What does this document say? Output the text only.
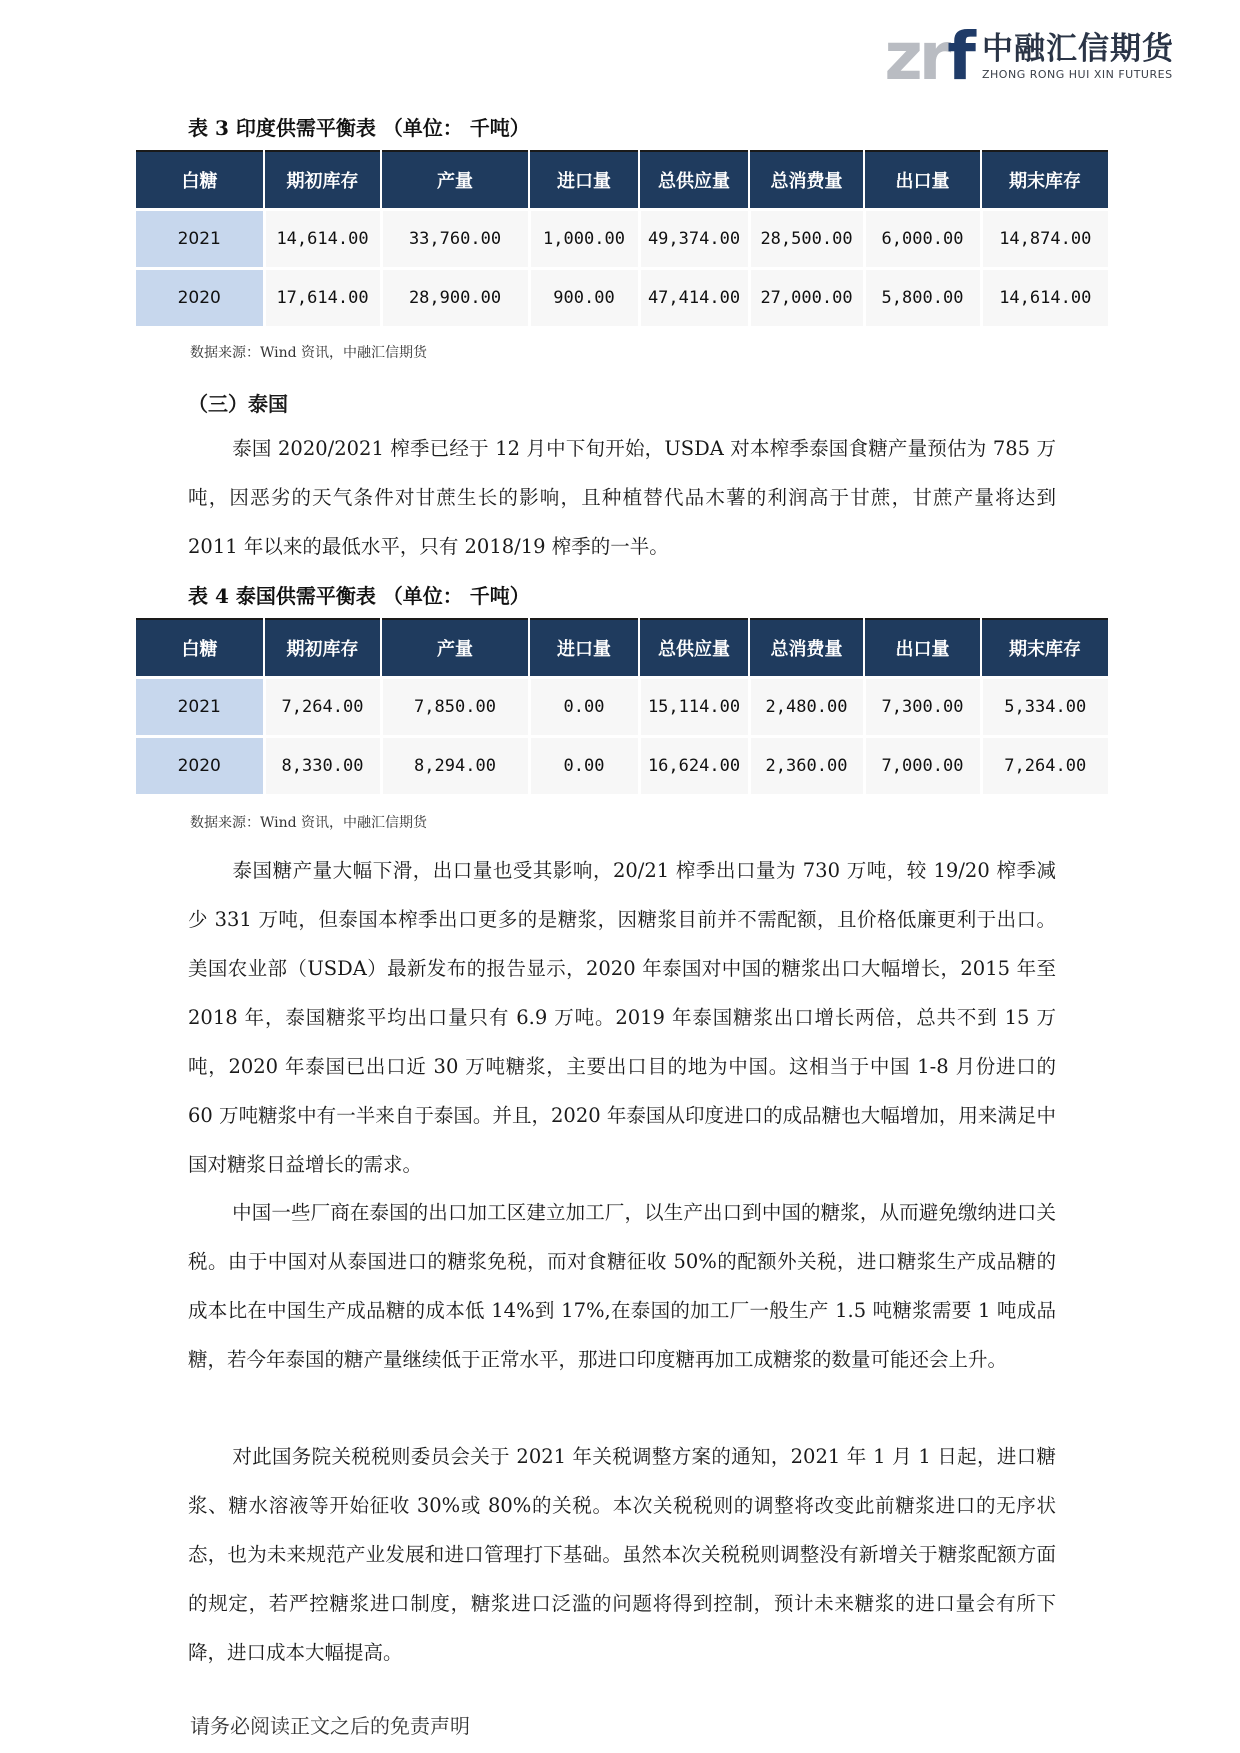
zrf 中融汇信期货
ZHONG RONG HUI XIN FUTURES
表 3 印度供需平衡表 （单位： 千吨）
白糖	期初库存	产量	进口量	总供应量	总消费量	出口量	期末库存
2021	14,614.00	33,760.00	1,000.00	49,374.00	28,500.00	6,000.00	14,874.00
2020	17,614.00	28,900.00	900.00	47,414.00	27,000.00	5,800.00	14,614.00
数据来源：Wind 资讯，中融汇信期货
（三）泰国

泰国 2020/2021 榨季已经于 12 月中下旬开始，USDA 对本榨季泰国食糖产量预估为 785 万吨，因恶劣的天气条件对甘蔗生长的影响，且种植替代品木薯的利润高于甘蔗，甘蔗产量将达到 2011 年以来的最低水平，只有 2018/19 榨季的一半。

表 4 泰国供需平衡表 （单位： 千吨）
白糖	期初库存	产量	进口量	总供应量	总消费量	出口量	期末库存
2021	7,264.00	7,850.00	0.00	15,114.00	2,480.00	7,300.00	5,334.00
2020	8,330.00	8,294.00	0.00	16,624.00	2,360.00	7,000.00	7,264.00
数据来源：Wind 资讯，中融汇信期货

泰国糖产量大幅下滑，出口量也受其影响，20/21 榨季出口量为 730 万吨，较 19/20 榨季减少 331 万吨，但泰国本榨季出口更多的是糖浆，因糖浆目前并不需配额，且价格低廉更利于出口。美国农业部（USDA）最新发布的报告显示，2020 年泰国对中国的糖浆出口大幅增长，2015 年至 2018 年，泰国糖浆平均出口量只有 6.9 万吨。2019 年泰国糖浆出口增长两倍，总共不到 15 万吨，2020 年泰国已出口近 30 万吨糖浆，主要出口目的地为中国。这相当于中国 1-8 月份进口的 60 万吨糖浆中有一半来自于泰国。并且，2020 年泰国从印度进口的成品糖也大幅增加，用来满足中国对糖浆日益增长的需求。

中国一些厂商在泰国的出口加工区建立加工厂，以生产出口到中国的糖浆，从而避免缴纳进口关税。由于中国对从泰国进口的糖浆免税，而对食糖征收 50%的配额外关税，进口糖浆生产成品糖的成本比在中国生产成品糖的成本低 14%到 17%,在泰国的加工厂一般生产 1.5 吨糖浆需要 1 吨成品糖，若今年泰国的糖产量继续低于正常水平，那进口印度糖再加工成糖浆的数量可能还会上升。

对此国务院关税税则委员会关于 2021 年关税调整方案的通知，2021 年 1 月 1 日起，进口糖浆、糖水溶液等开始征收 30%或 80%的关税。本次关税税则的调整将改变此前糖浆进口的无序状态，也为未来规范产业发展和进口管理打下基础。虽然本次关税税则调整没有新增关于糖浆配额方面的规定，若严控糖浆进口制度，糖浆进口泛滥的问题将得到控制，预计未来糖浆的进口量会有所下降，进口成本大幅提高。

请务必阅读正文之后的免责声明
